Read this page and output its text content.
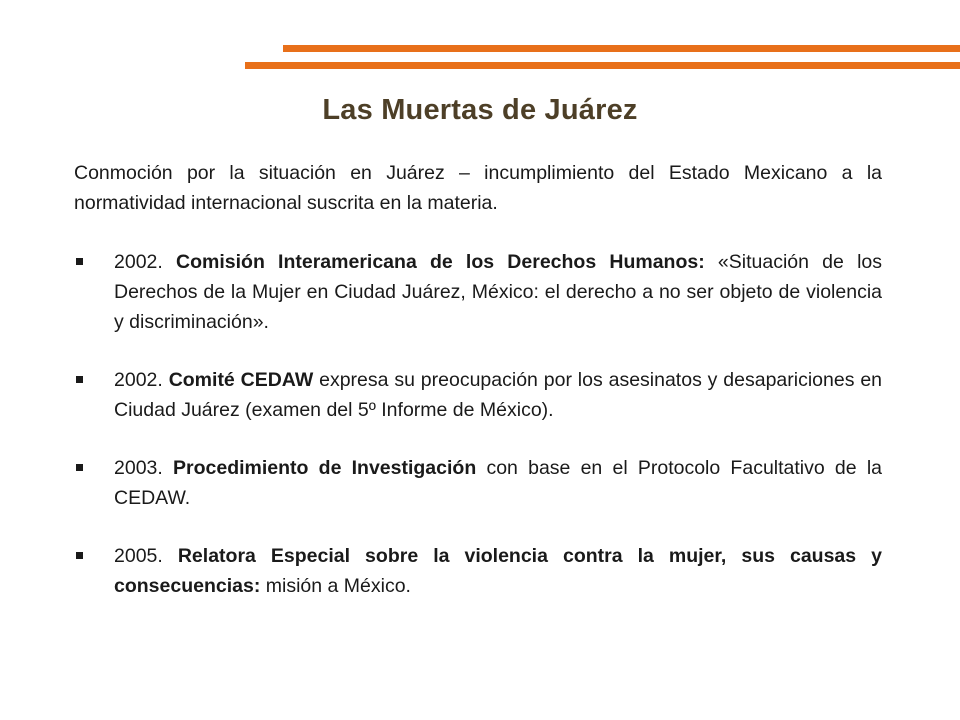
Las Muertas de Juárez

Conmoción por la situación en Juárez – incumplimiento del Estado Mexicano a la normatividad internacional suscrita en la materia.

2002. Comisión Interamericana de los Derechos Humanos: «Situación de los Derechos de la Mujer en Ciudad Juárez, México: el derecho a no ser objeto de violencia y discriminación».
2002. Comité CEDAW expresa su preocupación por los asesinatos y desapariciones en Ciudad Juárez (examen del 5º Informe de México).
2003. Procedimiento de Investigación con base en el Protocolo Facultativo de la CEDAW.
2005. Relatora Especial sobre la violencia contra la mujer, sus causas y consecuencias: misión a México.
